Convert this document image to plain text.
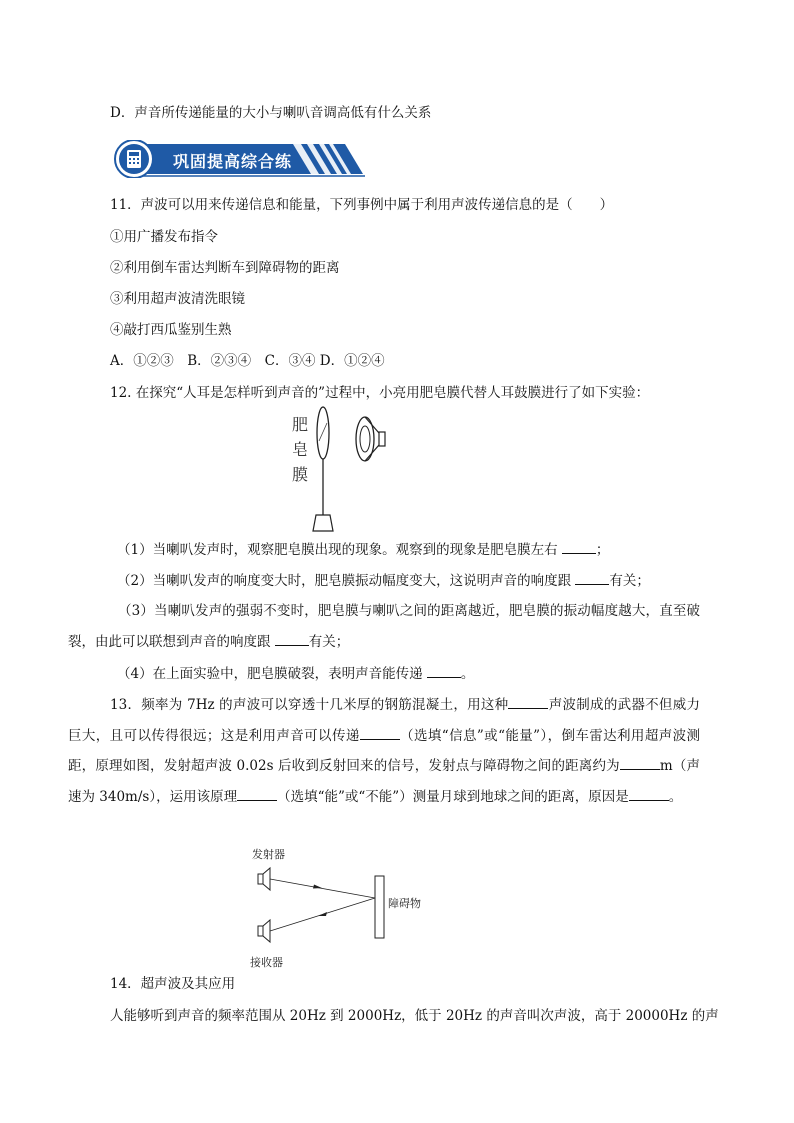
D．声音所传递能量的大小与喇叭音调高低有什么关系
巩固提高综合练
11．声波可以用来传递信息和能量，下列事例中属于利用声波传递信息的是（　　）
①用广播发布指令
②利用倒车雷达判断车到障碍物的距离
③利用超声波清洗眼镜
④敲打西瓜鉴别生熟
A．①②③　B．②③④　C．③④ D．①②④
12. 在探究“人耳是怎样听到声音的”过程中，小亮用肥皂膜代替人耳鼓膜进行了如下实验：
肥皂膜
（1）当喇叭发声时，观察肥皂膜出现的现象。观察到的现象是肥皂膜左右	；
（2）当喇叭发声的响度变大时，肥皂膜振动幅度变大，这说明声音的响度跟	有关；
（3）当喇叭发声的强弱不变时，肥皂膜与喇叭之间的距离越近，肥皂膜的振动幅度越大，直至破裂，由此可以联想到声音的响度跟	有关；
（4）在上面实验中，肥皂膜破裂，表明声音能传递	。
13．频率为 7Hz 的声波可以穿透十几米厚的钢筋混凝土，用这种	声波制成的武器不但威力巨大，且可以传得很远；这是利用声音可以传递	（选填“信息”或“能量”），倒车雷达利用超声波测距，原理如图，发射超声波 0.02s 后收到反射回来的信号，发射点与障碍物之间的距离约为	m（声速为 340m/s），运用该原理	（选填“能”或“不能”）测量月球到地球之间的距离，原因是	。
发射器
障碍物
接收器
14．超声波及其应用
人能够听到声音的频率范围从 20Hz 到 2000Hz，低于 20Hz 的声音叫次声波，高于 20000Hz 的声
